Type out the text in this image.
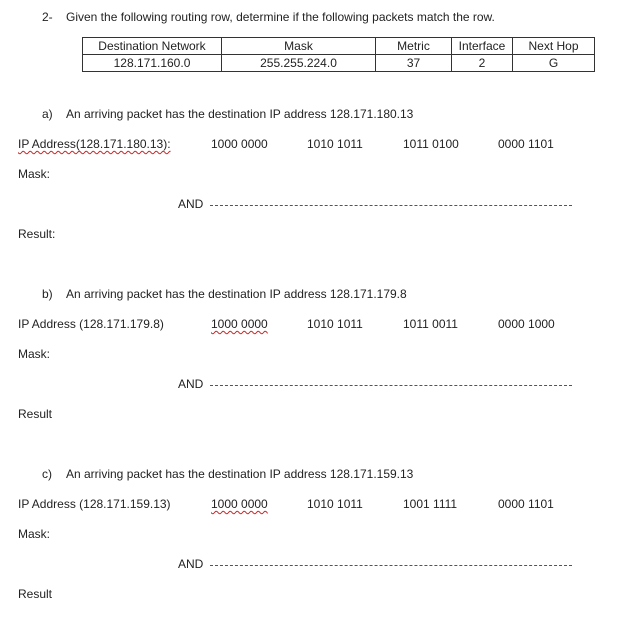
2- Given the following routing row, determine if the following packets match the row.
Destination Network	Mask	Metric	Interface	Next Hop
128.171.160.0	255.255.224.0	37	2	G
a) An arriving packet has the destination IP address 128.171.180.13
IP Address(128.171.180.13):	1000 0000	1010 1011	1011 0100	0000 1101
Mask:
AND
Result:
b) An arriving packet has the destination IP address 128.171.179.8
IP Address (128.171.179.8)	1000 0000	1010 1011	1011 0011	0000 1000
Mask:
AND
Result
c) An arriving packet has the destination IP address 128.171.159.13
IP Address (128.171.159.13)	1000 0000	1010 1011	1001 1111	0000 1101
Mask:
AND
Result
